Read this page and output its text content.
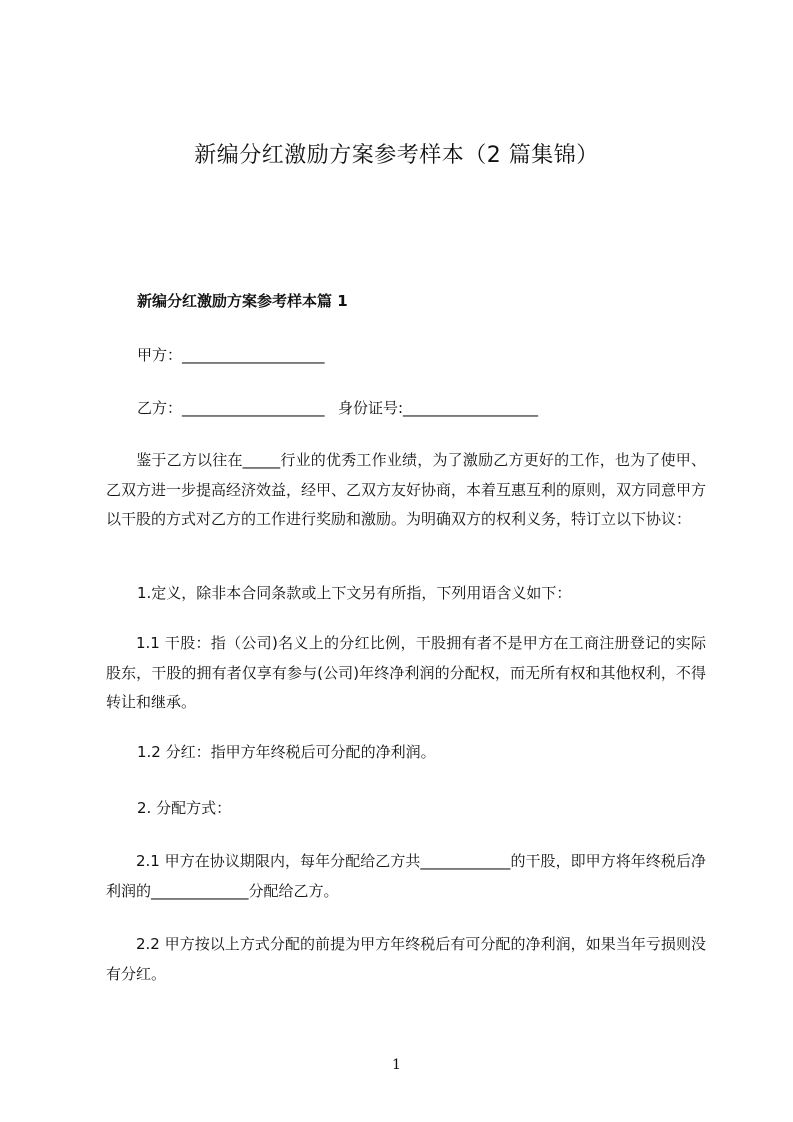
新编分红激励方案参考样本（2 篇集锦）
新编分红激励方案参考样本篇 1
甲方：___________________
乙方：___________________ 身份证号:__________________
鉴于乙方以往在_____行业的优秀工作业绩，为了激励乙方更好的工作，也为了使甲、乙双方进一步提高经济效益，经甲、乙双方友好协商，本着互惠互利的原则，双方同意甲方以干股的方式对乙方的工作进行奖励和激励。为明确双方的权利义务，特订立以下协议：
1.定义，除非本合同条款或上下文另有所指，下列用语含义如下：
1.1 干股：指（公司)名义上的分红比例，干股拥有者不是甲方在工商注册登记的实际股东，干股的拥有者仅享有参与(公司)年终净利润的分配权，而无所有权和其他权利，不得转让和继承。
1.2 分红：指甲方年终税后可分配的净利润。
2. 分配方式：
2.1 甲方在协议期限内，每年分配给乙方共____________的干股，即甲方将年终税后净利润的_____________分配给乙方。
2.2 甲方按以上方式分配的前提为甲方年终税后有可分配的净利润，如果当年亏损则没有分红。
1
